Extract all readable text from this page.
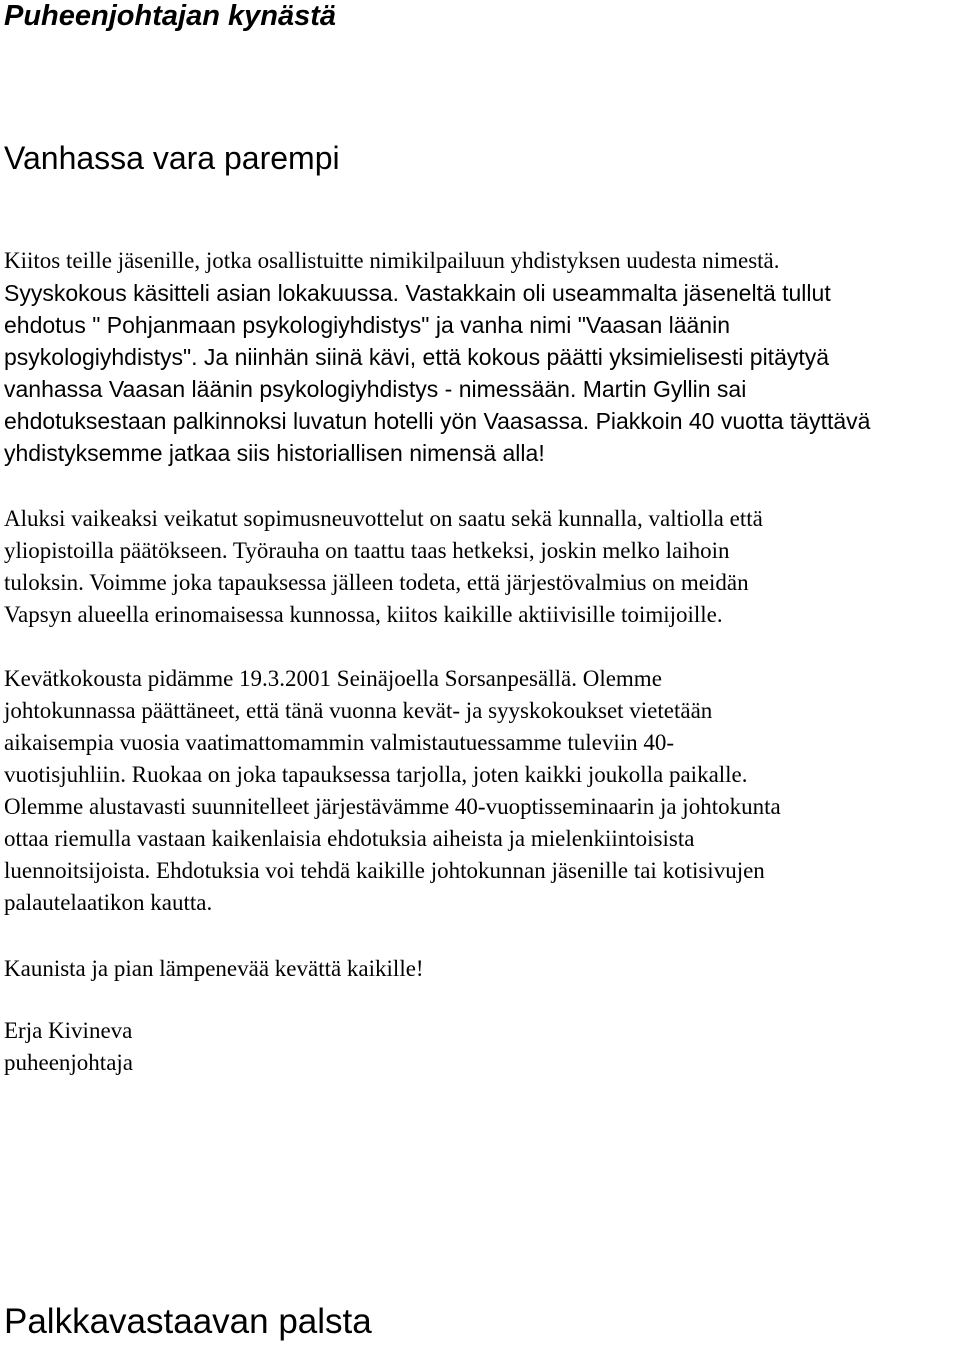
Puheenjohtajan kynästä
Vanhassa vara parempi

Kiitos teille jäsenille, jotka osallistuitte nimikilpailuun yhdistyksen uudesta nimestä.
Syyskokous käsitteli asian lokakuussa. Vastakkain oli useammalta jäseneltä tullut
ehdotus " Pohjanmaan psykologiyhdistys" ja vanha nimi "Vaasan läänin
psykologiyhdistys". Ja niinhän siinä kävi, että kokous päätti yksimielisesti pitäytyä
vanhassa Vaasan läänin psykologiyhdistys - nimessään. Martin Gyllin sai
ehdotuksestaan palkinnoksi luvatun hotelli yön Vaasassa. Piakkoin 40 vuotta täyttävä
yhdistyksemme jatkaa siis historiallisen nimensä alla!

Aluksi vaikeaksi veikatut sopimusneuvottelut on saatu sekä kunnalla, valtiolla että
yliopistoilla päätökseen. Työrauha on taattu taas hetkeksi, joskin melko laihoin
tuloksin. Voimme joka tapauksessa jälleen todeta, että järjestövalmius on meidän
Vapsyn alueella erinomaisessa kunnossa, kiitos kaikille aktiivisille toimijoille.

Kevätkokousta pidämme 19.3.2001 Seinäjoella Sorsanpesällä. Olemme
johtokunnassa päättäneet, että tänä vuonna kevät- ja syyskokoukset vietetään
aikaisempia vuosia vaatimattomammin valmistautuessamme tuleviin 40-
vuotisjuhliin. Ruokaa on joka tapauksessa tarjolla, joten kaikki joukolla paikalle.
Olemme alustavasti suunnitelleet järjestävämme 40-vuoptisseminaarin ja johtokunta
ottaa riemulla vastaan kaikenlaisia ehdotuksia aiheista ja mielenkiintoisista
luennoitsijoista. Ehdotuksia voi tehdä kaikille johtokunnan jäsenille tai kotisivujen
palautelaatikon kautta.

Kaunista ja pian lämpenevää kevättä kaikille!

Erja Kivineva
puheenjohtaja

Palkkavastaavan palsta
